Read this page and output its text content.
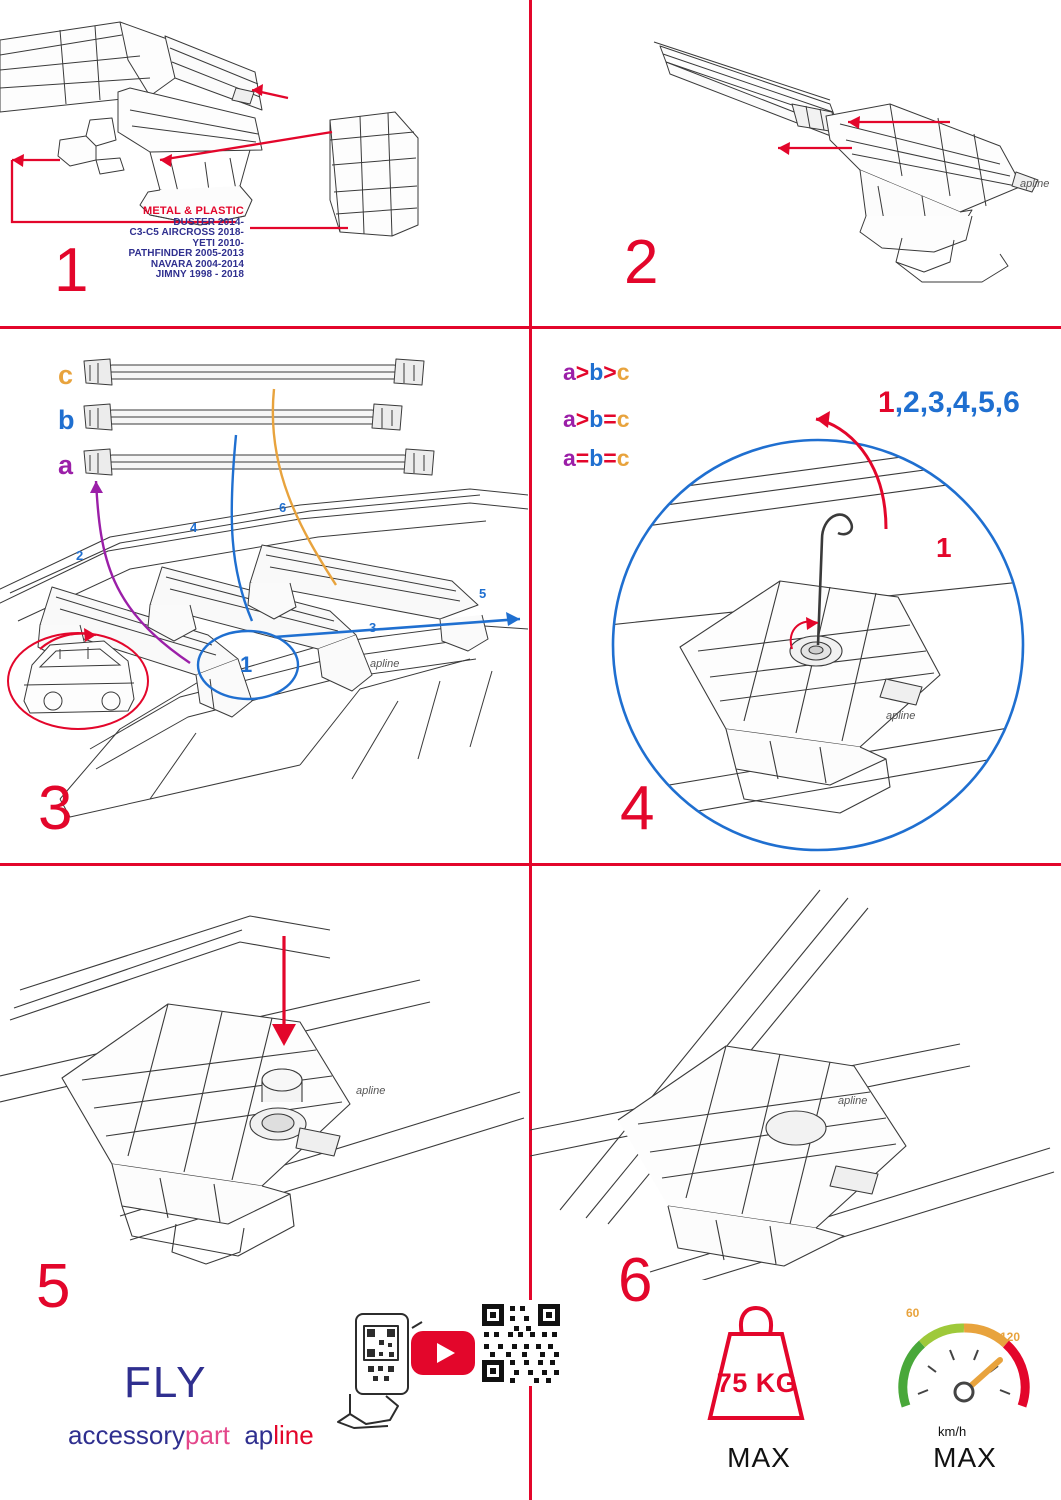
METAL & PLASTIC
DUSTER 2014-
C3-C5 AIRCROSS 2018-
YETI 2010-
PATHFINDER 2005-2013
NAVARA 2004-2014
JIMNY 1998 - 2018
1
apline
2
c
b
a
a>b>c
a>b=c
a=b=c
2
4
6
3
5
1	apline
3
1,2,3,4,5,6
1
apline
4
apline
5
apline
6
FLY
accessorypart apline
75 KG
MAX
60
120
km/h
MAX
